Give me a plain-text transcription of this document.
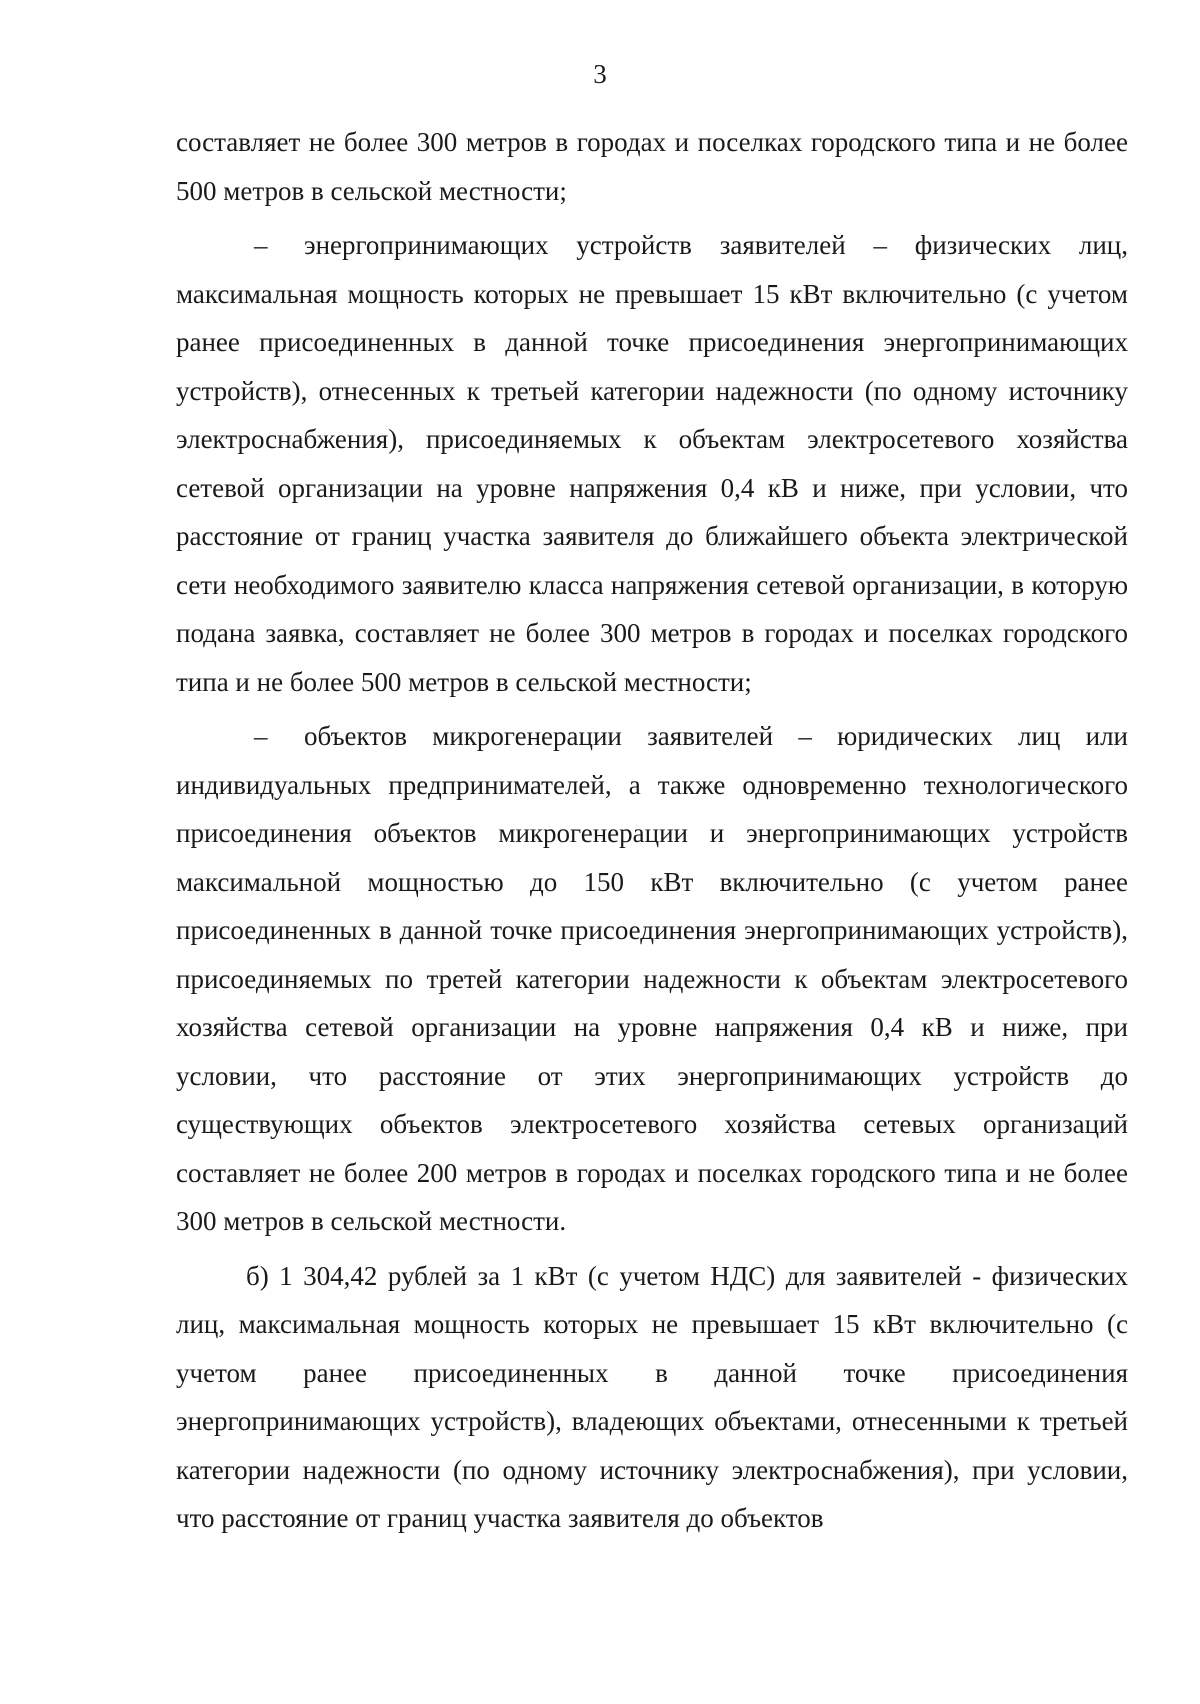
3

составляет не более 300 метров в городах и поселках городского типа и не более 500 метров в сельской местности;

– энергопринимающих устройств заявителей – физических лиц, максимальная мощность которых не превышает 15 кВт включительно (с учетом ранее присоединенных в данной точке присоединения энергопринимающих устройств), отнесенных к третьей категории надежности (по одному источнику электроснабжения), присоединяемых к объектам электросетевого хозяйства сетевой организации на уровне напряжения 0,4 кВ и ниже, при условии, что расстояние от границ участка заявителя до ближайшего объекта электрической сети необходимого заявителю класса напряжения сетевой организации, в которую подана заявка, составляет не более 300 метров в городах и поселках городского типа и не более 500 метров в сельской местности;

– объектов микрогенерации заявителей – юридических лиц или индивидуальных предпринимателей, а также одновременно технологического присоединения объектов микрогенерации и энергопринимающих устройств максимальной мощностью до 150 кВт включительно (с учетом ранее присоединенных в данной точке присоединения энергопринимающих устройств), присоединяемых по третей категории надежности к объектам электросетевого хозяйства сетевой организации на уровне напряжения 0,4 кВ и ниже, при условии, что расстояние от этих энергопринимающих устройств до существующих объектов электросетевого хозяйства сетевых организаций составляет не более 200 метров в городах и поселках городского типа и не более 300 метров в сельской местности.

б) 1 304,42 рублей за 1 кВт (с учетом НДС) для заявителей - физических лиц, максимальная мощность которых не превышает 15 кВт включительно (с учетом ранее присоединенных в данной точке присоединения энергопринимающих устройств), владеющих объектами, отнесенными к третьей категории надежности (по одному источнику электроснабжения), при условии, что расстояние от границ участка заявителя до объектов
